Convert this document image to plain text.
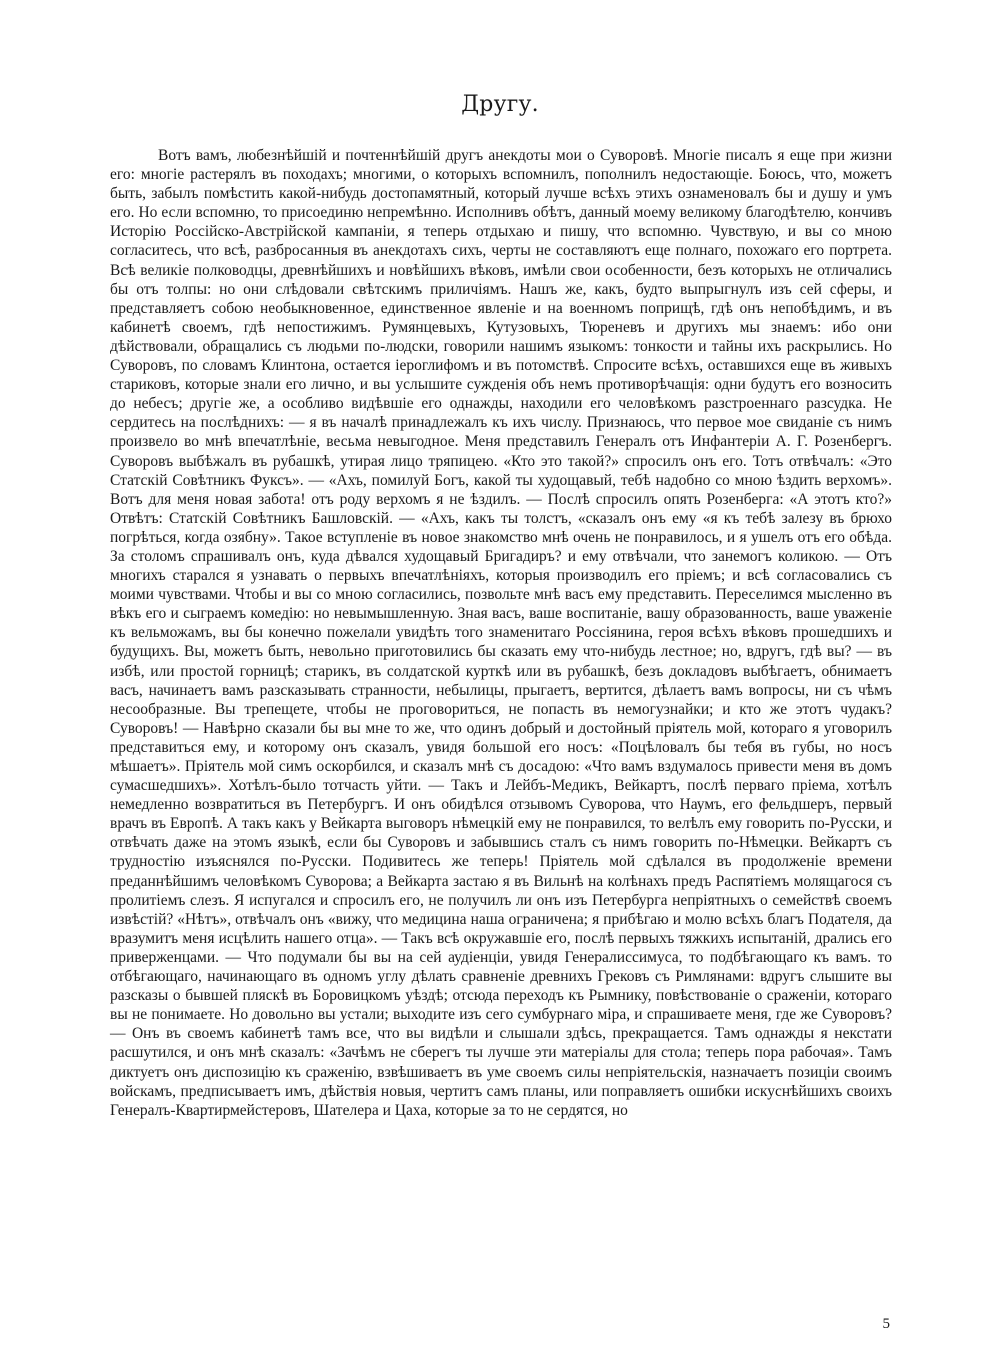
Другу.

Вотъ вамъ, любезнѣйшiй и почтеннѣйшiй другъ анекдоты мои о Суворовѣ. Многiе писалъ я еще при жизни его: многiе растерялъ въ походахъ; многими, о которыхъ вспомнилъ, пополнилъ недостающiе. Боюсь, что, можетъ быть, забылъ помѣстить какой-нибудь достопамятный, который лучше всѣхъ этихъ ознаменовалъ бы и душу и умъ его. Но если вспомню, то присоединю непремѣнно. Исполнивъ обѣтъ, данный моему великому благодѣтелю, кончивъ Исторiю Россiйско-Австрiйской кампанiи, я теперь отдыхаю и пишу, что вспомню. Чувствую, и вы со мною согласитесь, что всѣ, разбросанныя въ анекдотахъ сихъ, черты не составляютъ еще полнаго, похожаго его портрета. Всѣ великiе полководцы, древнѣйшихъ и новѣйшихъ вѣковъ, имѣли свои особенности, безъ которыхъ не отличались бы отъ толпы: но они слѣдовали свѣтскимъ приличiямъ. Нашъ же, какъ, будто выпрыгнулъ изъ сей сферы, и представляетъ собою необыкновенное, единственное явленiе и на военномъ поприщѣ, гдѣ онъ непобѣдимъ, и въ кабинетѣ своемъ, гдѣ непостижимъ. Румянцевыхъ, Кутузовыхъ, Тюреневъ и другихъ мы знаемъ: ибо они дѣйствовали, обращались съ людьми по-людски, говорили нашимъ языкомъ: тонкости и тайны ихъ раскрылись. Но Суворовъ, по словамъ Клинтона, остается iероглифомъ и въ потомствѣ. Спросите всѣхъ, оставшихся еще въ живыхъ стариковъ, которые знали его лично, и вы услышите сужденiя объ немъ противорѣчащiя: одни будутъ его возносить до небесъ; другiе же, а особливо видѣвшiе его однажды, находили его человѣкомъ разстроеннаго разсудка. Не сердитесь на послѣднихъ: — я въ началѣ принадлежалъ къ ихъ числу. Признаюсь, что первое мое свиданiе съ нимъ произвело во мнѣ впечатлѣнiе, весьма невыгодное. Меня представилъ Генералъ отъ Инфантерiи А. Г. Розенбергъ. Суворовъ выбѣжалъ въ рубашкѣ, утирая лицо тряпицею. «Кто это такой?» спросилъ онъ его. Тотъ отвѣчалъ: «Это Статскiй Совѣтникъ Фуксъ». — «Ахъ, помилуй Богъ, какой ты худощавый, тебѣ надобно со мною ѣздить верхомъ». Вотъ для меня новая забота! отъ роду верхомъ я не ѣздилъ. — Послѣ спросилъ опять Розенберга: «А этотъ кто?» Отвѣтъ: Статскiй Совѣтникъ Башловскiй. — «Ахъ, какъ ты толстъ, «сказалъ онъ ему «я къ тебѣ залезу въ брюхо погрѣться, когда озябну». Такое вступленiе въ новое знакомство мнѣ очень не понравилось, и я ушелъ отъ его обѣда. За столомъ спрашивалъ онъ, куда дѣвался худощавый Бригадиръ? и ему отвѣчали, что занемогъ коликою. — Отъ многихъ старался я узнавать о первыхъ впечатлѣнiяхъ, которыя производилъ его прiемъ; и всѣ согласовались съ моими чувствами. Чтобы и вы со мною согласились, позвольте мнѣ васъ ему представить. Переселимся мысленно въ вѣкъ его и сыграемъ комедiю: но невымышленную. Зная васъ, ваше воспитанiе, вашу образованность, ваше уваженiе къ вельможамъ, вы бы конечно пожелали увидѣть того знаменитаго Россiянина, героя всѣхъ вѣковъ прошедшихъ и будущихъ. Вы, можетъ быть, невольно приготовились бы сказать ему что-нибудь лестное; но, вдругъ, гдѣ вы? — въ избѣ, или простой горницѣ; старикъ, въ солдатской курткѣ или въ рубашкѣ, безъ докладовъ выбѣгаетъ, обнимаетъ васъ, начинаетъ вамъ разсказывать странности, небылицы, прыгаетъ, вертится, дѣлаетъ вамъ вопросы, ни съ чѣмъ несообразные. Вы трепещете, чтобы не проговориться, не попасть въ немогузнайки; и кто же этотъ чудакъ? Суворовъ! — Навѣрно сказали бы вы мне то же, что одинъ добрый и достойный прiятель мой, котораго я уговорилъ представиться ему, и которому онъ сказалъ, увидя большой его носъ: «Поцѣловалъ бы тебя въ губы, но носъ мѣшаетъ». Прiятель мой симъ оскорбился, и сказалъ мнѣ съ досадою: «Что вамъ вздумалось привести меня въ домъ сумасшедшихъ». Хотѣлъ-было тотчасть уйти. — Такъ и Лейбъ-Медикъ, Вейкартъ, послѣ перваго прiема, хотѣлъ немедленно возвратиться въ Петербургъ. И онъ обидѣлся отзывомъ Суворова, что Наумъ, его фельдшеръ, первый врачъ въ Европѣ. А такъ какъ у Вейкарта выговоръ нѣмецкiй ему не понравился, то велѣлъ ему говорить по-Русски, и отвѣчать даже на этомъ языкѣ, если бы Суворовъ и забывшись сталъ съ нимъ говорить по-Нѣмецки. Вейкартъ съ трудностiю изъяснялся по-Русски. Подивитесь же теперь! Прiятель мой сдѣлался въ продолженiе времени преданнѣйшимъ человѣкомъ Суворова; а Вейкарта застаю я въ Вильнѣ на колѣнахъ предъ Распятiемъ молящагося съ пролитiемъ слезъ. Я испугался и спросилъ его, не получилъ ли онъ изъ Петербурга непрiятныхъ о семействѣ своемъ извѣстiй? «Нѣтъ», отвѣчалъ онъ «вижу, что медицина наша ограничена; я прибѣгаю и молю всѣхъ благъ Подателя, да вразумитъ меня исцѣлить нашего отца». — Такъ всѣ окружавшiе его, послѣ первыхъ тяжкихъ испытанiй, дрались его приверженцами. — Что подумали бы вы на сей аудiенцiи, увидя Генералиссимуса, то подбѣгающаго къ вамъ. то отбѣгающаго, начинающаго въ одномъ углу дѣлать сравненiе древнихъ Грековъ съ Римлянами: вдругъ слышите вы разсказы о бывшей пляскѣ въ Боровицкомъ уѣздѣ; отсюда переходъ къ Рымнику, повѣствованiе о сраженiи, котораго вы не понимаете. Но довольно вы устали; выходите изъ сего сумбурнаго мiра, и спрашиваете меня, где же Суворовъ? — Онъ въ своемъ кабинетѣ тамъ все, что вы видѣли и слышали здѣсь, прекращается. Тамъ однажды я некстати расшутился, и онъ мнѣ сказалъ: «Зачѣмъ не сберегъ ты лучше эти матерiалы для стола; теперь пора рабочая». Тамъ диктуетъ онъ диспозицiю къ сраженiю, взвѣшиваетъ въ уме своемъ силы непрiятельскiя, назначаетъ позицiи своимъ войскамъ, предписываетъ имъ, дѣйствiя новыя, чертитъ самъ планы, или поправляетъ ошибки искуснѣйшихъ своихъ Генералъ-Квартирмейстеровъ, Шателера и Цаха, которые за то не сердятся, но

5
